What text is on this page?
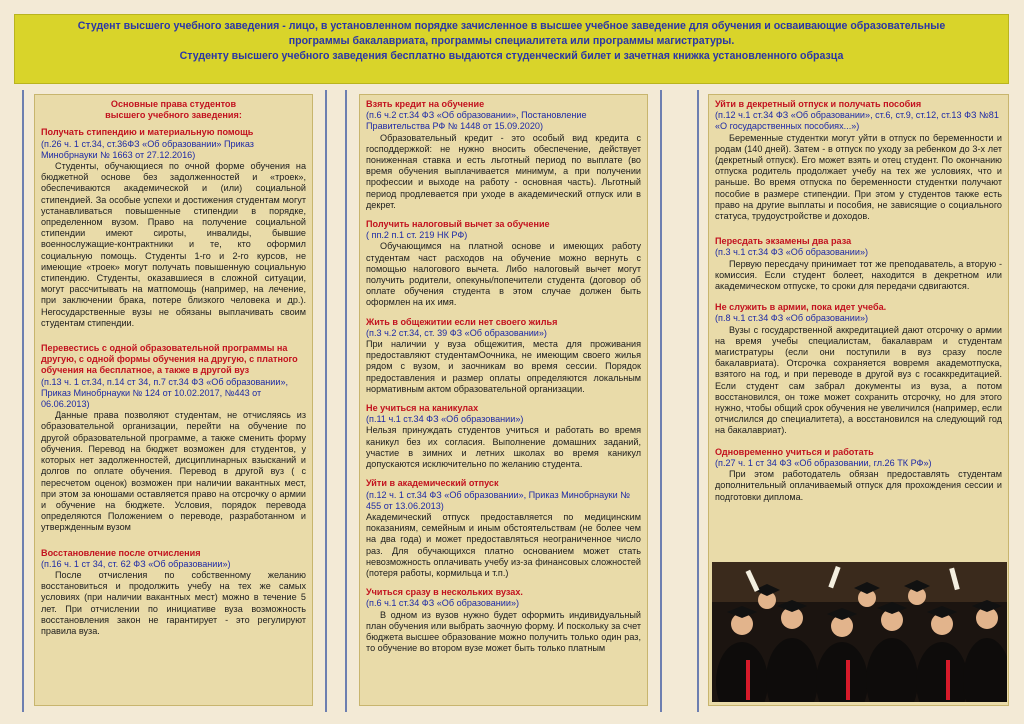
Студент высшего учебного заведения - лицо, в установленном порядке зачисленное в высшее учебное заведение для обучения и осваивающие образовательные
программы бакалавриата, программы специалитета или программы магистратуры.
Студенту высшего учебного заведения бесплатно выдаются студенческий билет и зачетная книжка установленного образца
Основные права студентов
высшего учебного заведения:
Получать стипендию и материальную помощь
(п.26 ч. 1 ст.34, ст.36ФЗ «Об образовании» Приказ Минобрнауки № 1663 от 27.12.2016)
Студенты, обучающиеся по очной форме обучения на бюджетной основе без задолженностей и «троек», обеспечиваются академической и (или) социальной стипендией. За особые успехи и достижения студентам могут устанавливаться повышенные стипендии в порядке, определенном вузом. Право на получение социальной стипендии имеют сироты, инвалиды, бывшие военнослужащие-контрактники и те, кто оформил социальную помощь. Студенты 1-го и 2-го курсов, не имеющие «троек» могут получать повышенную социальную стипендию. Студенты, оказавшиеся в сложной ситуации, могут рассчитывать на матпомощь (например, на лечение, при заключении брака, потере близкого человека и др.). Негосударственные вузы не обязаны выплачивать своим студентам стипендии.
Перевестись с одной образовательной программы на другую, с одной формы обучения на другую, с платного обучения на бесплатное, а также в другой вуз
(п.13 ч. 1 ст.34, п.14 ст 34, п.7 ст.34 ФЗ «Об образовании», Приказ Минобрнауки № 124 от 10.02.2017, №443 от 06.06.2013)
Данные права позволяют студентам, не отчисляясь из образовательной организации, перейти на обучение по другой образовательной программе, а также сменить форму обучения. Перевод на бюджет возможен для студентов, у которых нет задолженностей, дисциплинарных взысканий и долгов по оплате обучения. Перевод в другой вуз ( с пересчетом оценок) возможен при наличии вакантных мест, при этом за юношами оставляется право на отсрочку о армии и обучение на бюджете. Условия, порядок перевода определяются Положением о переводе, разработанном и утвержденным вузом
Восстановление после отчисления
(п.16 ч. 1 ст 34, ст. 62 ФЗ «Об образовании»)
После отчисления по собственному желанию восстановиться и продолжить учебу на тех же самых условиях (при наличии вакантных мест) можно в течение 5 лет. При отчислении по инициативе вуза возможность восстановления закон не гарантирует - это регулируют правила вуза.
Взять кредит на обучение
(п.6 ч.2 ст.34 ФЗ «Об образовании», Постановление Правительства РФ № 1448 от 15.09.2020)
Образовательный кредит - это особый вид кредита с господдержкой: не нужно вносить обеспечение, действует пониженная ставка и есть льготный период по выплате (во время обучения выплачивается минимум, а при получении профессии и выходе на работу - основная часть). Льготный период продлевается при уходе в академический отпуск или в декрет.
Получить налоговый вычет за обучение
( пп.2 п.1 ст. 219 НК РФ)
Обучающимся на платной основе и имеющих работу студентам част расходов на обучение можно вернуть с помощью налогового вычета. Либо налоговый вычет могут получить родители, опекуны/попечители студента (договор об оплате обучения студента в этом случае должен быть оформлен на их имя.
Жить в общежитии если нет своего жилья
(п.3 ч.2 ст.34, ст. 39 ФЗ «Об образовании»)
При наличии у вуза общежития, места для проживания предоставляют студентамОочника, не имеющим своего жилья рядом с вузом, и заочникам во время сессии. Порядок предоставления и размер оплаты определяются локальным нормативным актом образовательной организации.
Не учиться на каникулах
(п.11 ч.1 ст.34 ФЗ «Об образовании»)
Нельзя принуждать студентов учиться и работать во время каникул без их согласия. Выполнение домашних заданий, участие в зимних и летних школах во время каникул допускаются исключительно по желанию студента.
Уйти в академический отпуск
(п.12 ч. 1 ст.34 ФЗ «Об образовании», Приказ Минобрнауки № 455 от 13.06.2013)
Академический отпуск предоставляется по медицинским показаниям, семейным и иным обстоятельствам (не более чем на два года) и может предоставляться неограниченное число раз. Для обучающихся платно основанием может стать невозможность оплачивать учебу из-за финансовых сложностей (потеря работы, кормильца и т.п.)
Учиться сразу в нескольких вузах.
(п.6 ч.1 ст.34 ФЗ «Об образовании»)
В одном из вузов нужно будет оформить индивидуальный план обучения или выбрать заочную форму. И поскольку за счет бюджета высшее образование можно получить только один раз, то обучение во втором вузе может быть только платным
Уйти в декретный отпуск и получать пособия
(п.12 ч.1 ст.34 ФЗ «Об образовании», ст.6, ст.9, ст.12, ст.13 ФЗ №81 «О государственных пособиях...»)
Беременные студентки могут уйти в отпуск по беременности и родам (140 дней). Затем - в отпуск по уходу за ребенком до 3-х лет (декретный отпуск). Его может взять и отец студент. По окончанию отпуска родитель продолжает учебу на тех же условиях, что и раньше. Во время отпуска по беременности студентки получают пособие в размере стипендии. При этом у студентов также есть право на другие выплаты и пособия, не зависящие о социального статуса, трудоустройстве и доходов.
Пересдать экзамены два раза
(п.3 ч.1 ст.34 ФЗ «Об образовании»)
Первую пересдачу принимает тот же преподаватель, а вторую - комиссия. Если студент болеет, находится в декретном или академическом отпуске, то сроки для передачи сдвигаются.
Не служить в армии, пока идет учеба.
(п.8 ч.1 ст.34 ФЗ «Об образовании»)
Вузы с государственной аккредитацией дают отсрочку о армии на время учебы специалистам, бакалаврам и студентам магистратуры (если они поступили в вуз сразу после бакалавриата). Отсрочка сохраняется вовремя академотпуска, взятого на год, и при переводе в другой вуз с госаккредитацией. Если студент сам забрал документы из вуза, а потом восстановился, он тоже может сохранить отсрочку, но для этого нужно, чтобы общий срок обучения не увеличился (например, если отчислился до специалитета), а восстановился на следующий год на бакалавриат).
Одновременно учиться и работать
(п.27 ч. 1 ст 34 ФЗ «Об образовании, гл.26 ТК РФ»)
При этом работодатель обязан предоставлять студентам дополнительный оплачиваемый отпуск для прохождения сессии и подготовки диплома.
